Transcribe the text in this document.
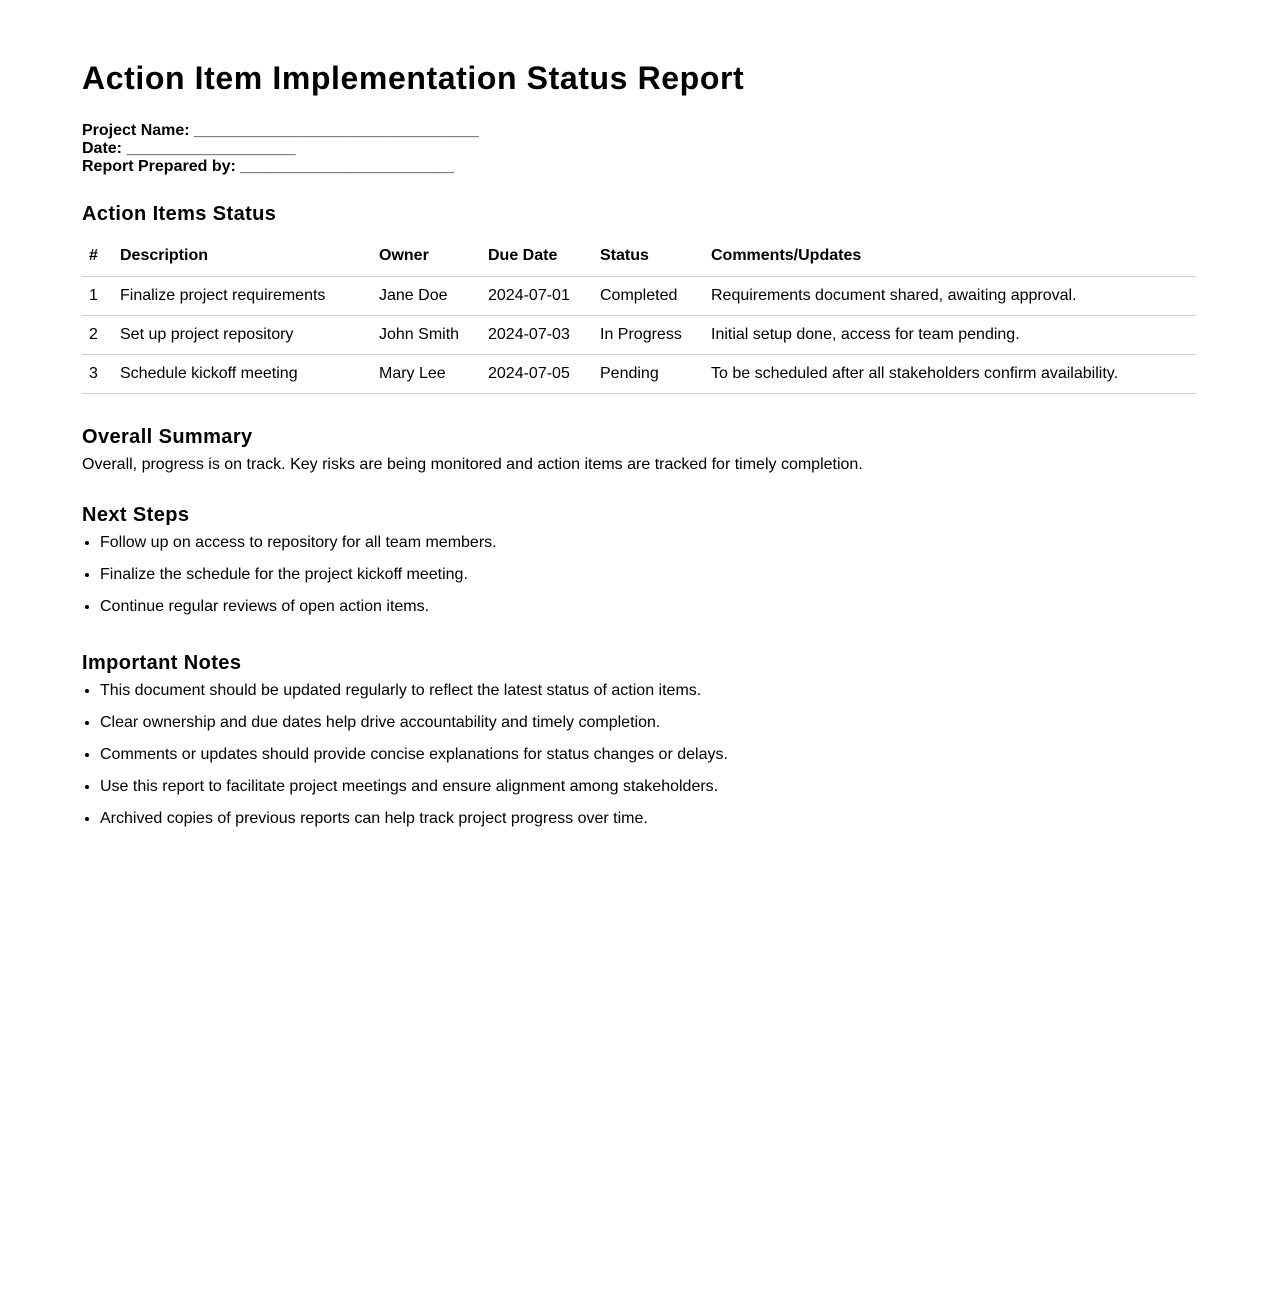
Action Item Implementation Status Report
Project Name: ________________________________
Date: ___________________
Report Prepared by: ________________________
Action Items Status
#	Description	Owner	Due Date	Status	Comments/Updates
1	Finalize project requirements	Jane Doe	2024-07-01	Completed	Requirements document shared, awaiting approval.
2	Set up project repository	John Smith	2024-07-03	In Progress	Initial setup done, access for team pending.
3	Schedule kickoff meeting	Mary Lee	2024-07-05	Pending	To be scheduled after all stakeholders confirm availability.
Overall Summary

Overall, progress is on track. Key risks are being monitored and action items are tracked for timely completion.

Next Steps
• Follow up on access to repository for all team members.
• Finalize the schedule for the project kickoff meeting.
• Continue regular reviews of open action items.
Important Notes
• This document should be updated regularly to reflect the latest status of action items.
• Clear ownership and due dates help drive accountability and timely completion.
• Comments or updates should provide concise explanations for status changes or delays.
• Use this report to facilitate project meetings and ensure alignment among stakeholders.
• Archived copies of previous reports can help track project progress over time.
